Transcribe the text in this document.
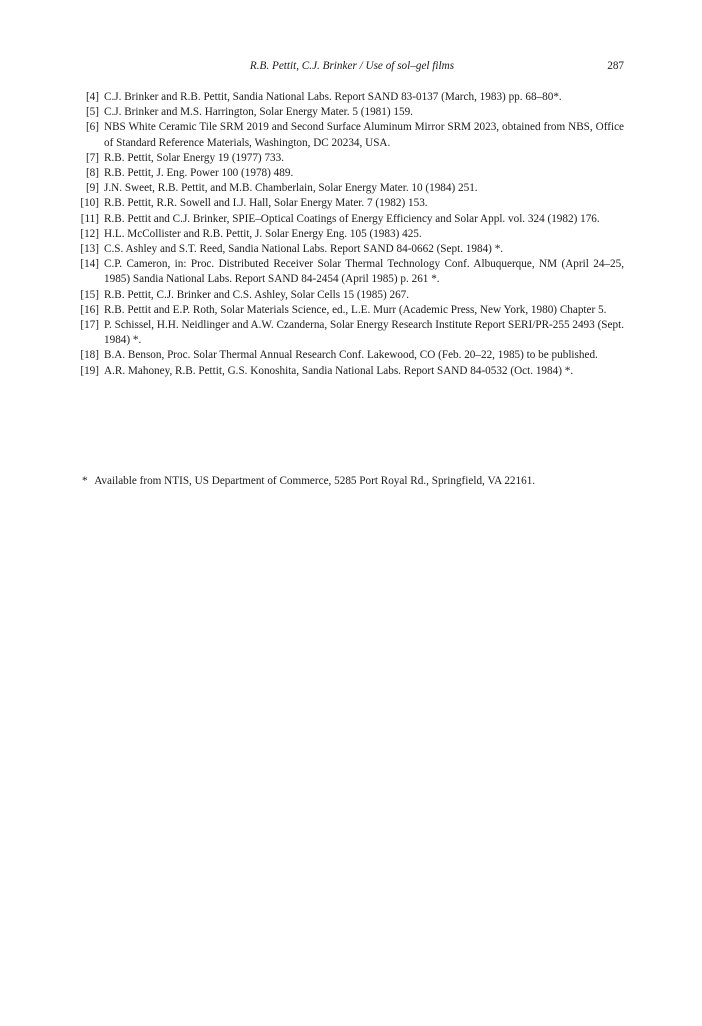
R.B. Pettit, C.J. Brinker / Use of sol–gel films	287
[4] C.J. Brinker and R.B. Pettit, Sandia National Labs. Report SAND 83-0137 (March, 1983) pp. 68–80*.
[5] C.J. Brinker and M.S. Harrington, Solar Energy Mater. 5 (1981) 159.
[6] NBS White Ceramic Tile SRM 2019 and Second Surface Aluminum Mirror SRM 2023, obtained from NBS, Office of Standard Reference Materials, Washington, DC 20234, USA.
[7] R.B. Pettit, Solar Energy 19 (1977) 733.
[8] R.B. Pettit, J. Eng. Power 100 (1978) 489.
[9] J.N. Sweet, R.B. Pettit, and M.B. Chamberlain, Solar Energy Mater. 10 (1984) 251.
[10] R.B. Pettit, R.R. Sowell and I.J. Hall, Solar Energy Mater. 7 (1982) 153.
[11] R.B. Pettit and C.J. Brinker, SPIE–Optical Coatings of Energy Efficiency and Solar Appl. vol. 324 (1982) 176.
[12] H.L. McCollister and R.B. Pettit, J. Solar Energy Eng. 105 (1983) 425.
[13] C.S. Ashley and S.T. Reed, Sandia National Labs. Report SAND 84-0662 (Sept. 1984) *.
[14] C.P. Cameron, in: Proc. Distributed Receiver Solar Thermal Technology Conf. Albuquerque, NM (April 24–25, 1985) Sandia National Labs. Report SAND 84-2454 (April 1985) p. 261 *.
[15] R.B. Pettit, C.J. Brinker and C.S. Ashley, Solar Cells 15 (1985) 267.
[16] R.B. Pettit and E.P. Roth, Solar Materials Science, ed., L.E. Murr (Academic Press, New York, 1980) Chapter 5.
[17] P. Schissel, H.H. Neidlinger and A.W. Czanderna, Solar Energy Research Institute Report SERI/PR-255 2493 (Sept. 1984) *.
[18] B.A. Benson, Proc. Solar Thermal Annual Research Conf. Lakewood, CO (Feb. 20–22, 1985) to be published.
[19] A.R. Mahoney, R.B. Pettit, G.S. Konoshita, Sandia National Labs. Report SAND 84-0532 (Oct. 1984) *.
* Available from NTIS, US Department of Commerce, 5285 Port Royal Rd., Springfield, VA 22161.
